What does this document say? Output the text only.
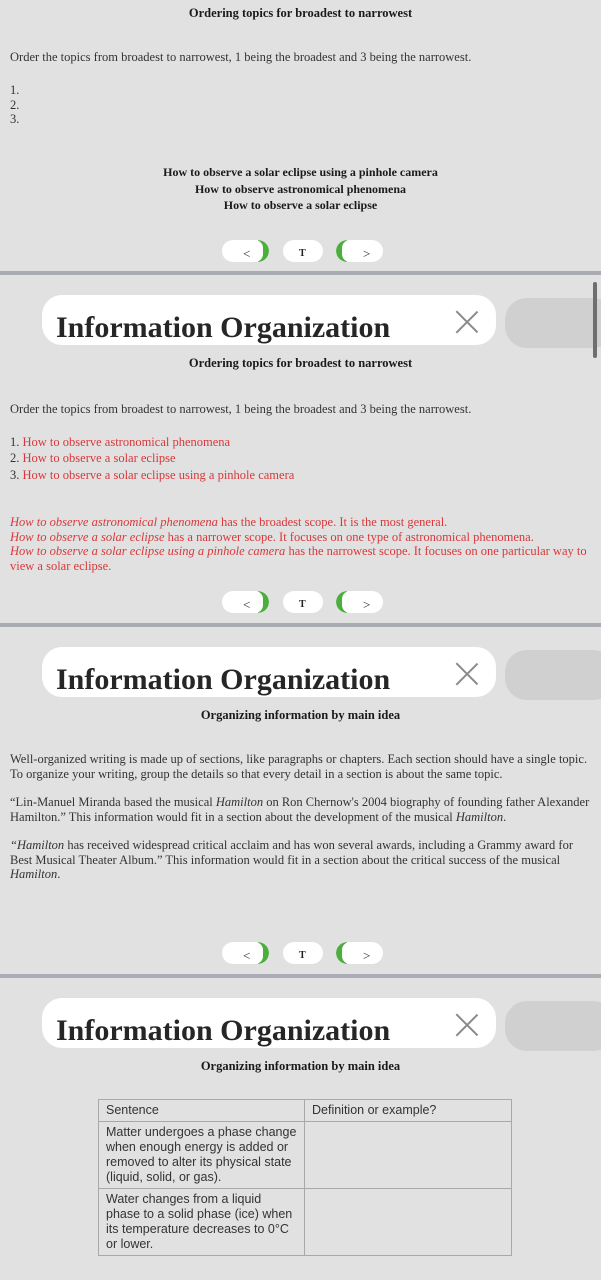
Ordering topics for broadest to narrowest
Order the topics from broadest to narrowest, 1 being the broadest and 3 being the narrowest.
1.
2.
3.
How to observe a solar eclipse using a pinhole camera
How to observe astronomical phenomena
How to observe a solar eclipse
<	T	>
Information Organization
Ordering topics for broadest to narrowest
Order the topics from broadest to narrowest, 1 being the broadest and 3 being the narrowest.
1. How to observe astronomical phenomena
2. How to observe a solar eclipse
3. How to observe a solar eclipse using a pinhole camera
How to observe astronomical phenomena has the broadest scope. It is the most general.
How to observe a solar eclipse has a narrower scope. It focuses on one type of astronomical phenomena.
How to observe a solar eclipse using a pinhole camera has the narrowest scope. It focuses on one particular way to view a solar eclipse.
<	T	>
Information Organization
Organizing information by main idea
Well-organized writing is made up of sections, like paragraphs or chapters. Each section should have a single topic. To organize your writing, group the details so that every detail in a section is about the same topic.
“Lin-Manuel Miranda based the musical Hamilton on Ron Chernow's 2004 biography of founding father Alexander Hamilton.” This information would fit in a section about the development of the musical Hamilton.
“Hamilton has received widespread critical acclaim and has won several awards, including a Grammy award for Best Musical Theater Album.” This information would fit in a section about the critical success of the musical Hamilton.
<	T	>
Information Organization
Organizing information by main idea
Sentence	Definition or example?
Matter undergoes a phase change when enough energy is added or removed to alter its physical state (liquid, solid, or gas).	
Water changes from a liquid phase to a solid phase (ice) when its temperature decreases to 0°C or lower.	
